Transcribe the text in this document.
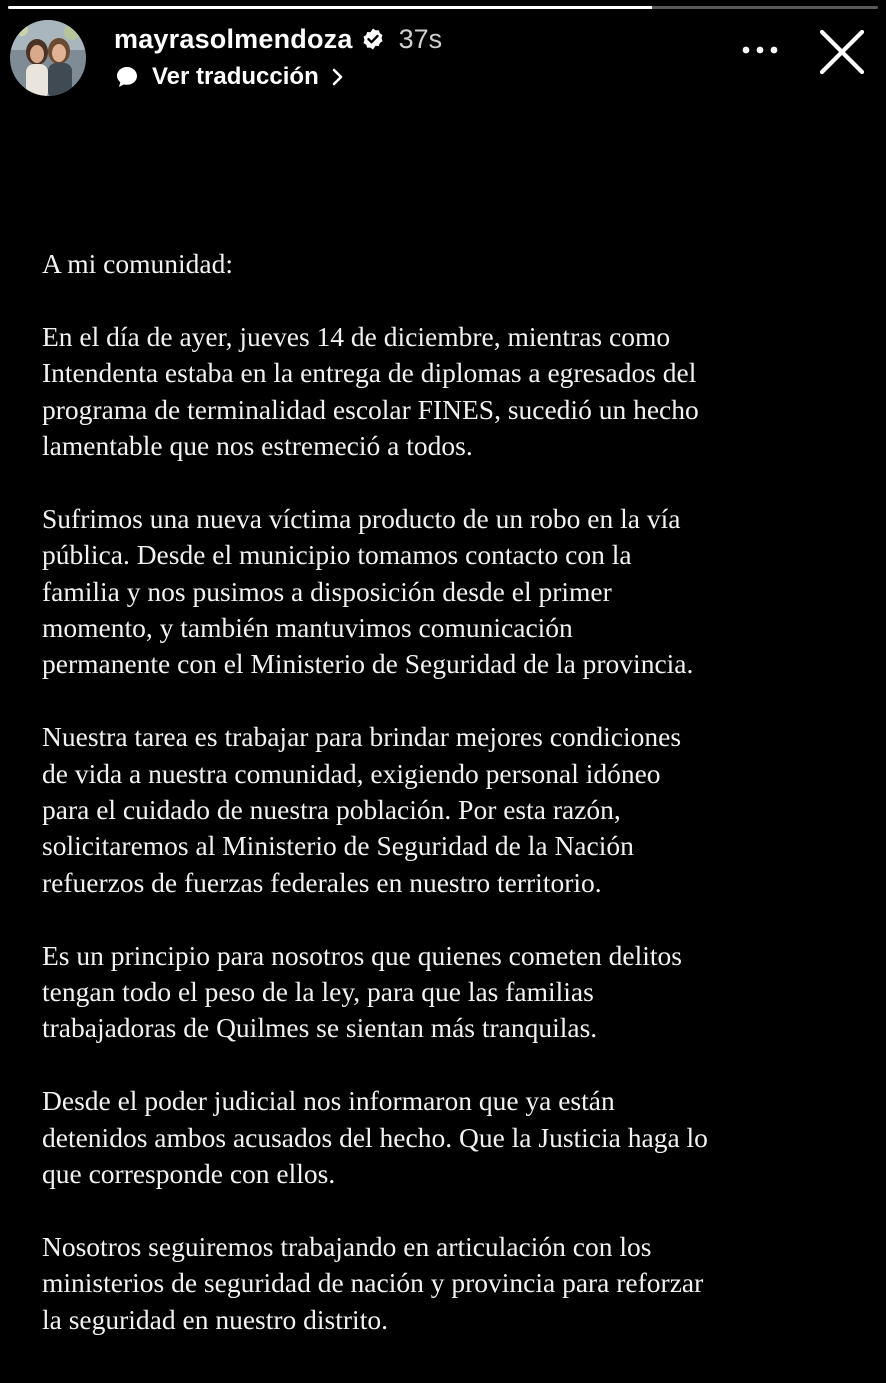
mayrasolmendoza 37s
Ver traducción

A mi comunidad:

En el día de ayer, jueves 14 de diciembre, mientras como
Intendenta estaba en la entrega de diplomas a egresados del
programa de terminalidad escolar FINES, sucedió un hecho
lamentable que nos estremeció a todos.

Sufrimos una nueva víctima producto de un robo en la vía
pública. Desde el municipio tomamos contacto con la
familia y nos pusimos a disposición desde el primer
momento, y también mantuvimos comunicación
permanente con el Ministerio de Seguridad de la provincia.

Nuestra tarea es trabajar para brindar mejores condiciones
de vida a nuestra comunidad, exigiendo personal idóneo
para el cuidado de nuestra población. Por esta razón,
solicitaremos al Ministerio de Seguridad de la Nación
refuerzos de fuerzas federales en nuestro territorio.

Es un principio para nosotros que quienes cometen delitos
tengan todo el peso de la ley, para que las familias
trabajadoras de Quilmes se sientan más tranquilas.

Desde el poder judicial nos informaron que ya están
detenidos ambos acusados del hecho. Que la Justicia haga lo
que corresponde con ellos.

Nosotros seguiremos trabajando en articulación con los
ministerios de seguridad de nación y provincia para reforzar
la seguridad en nuestro distrito.
